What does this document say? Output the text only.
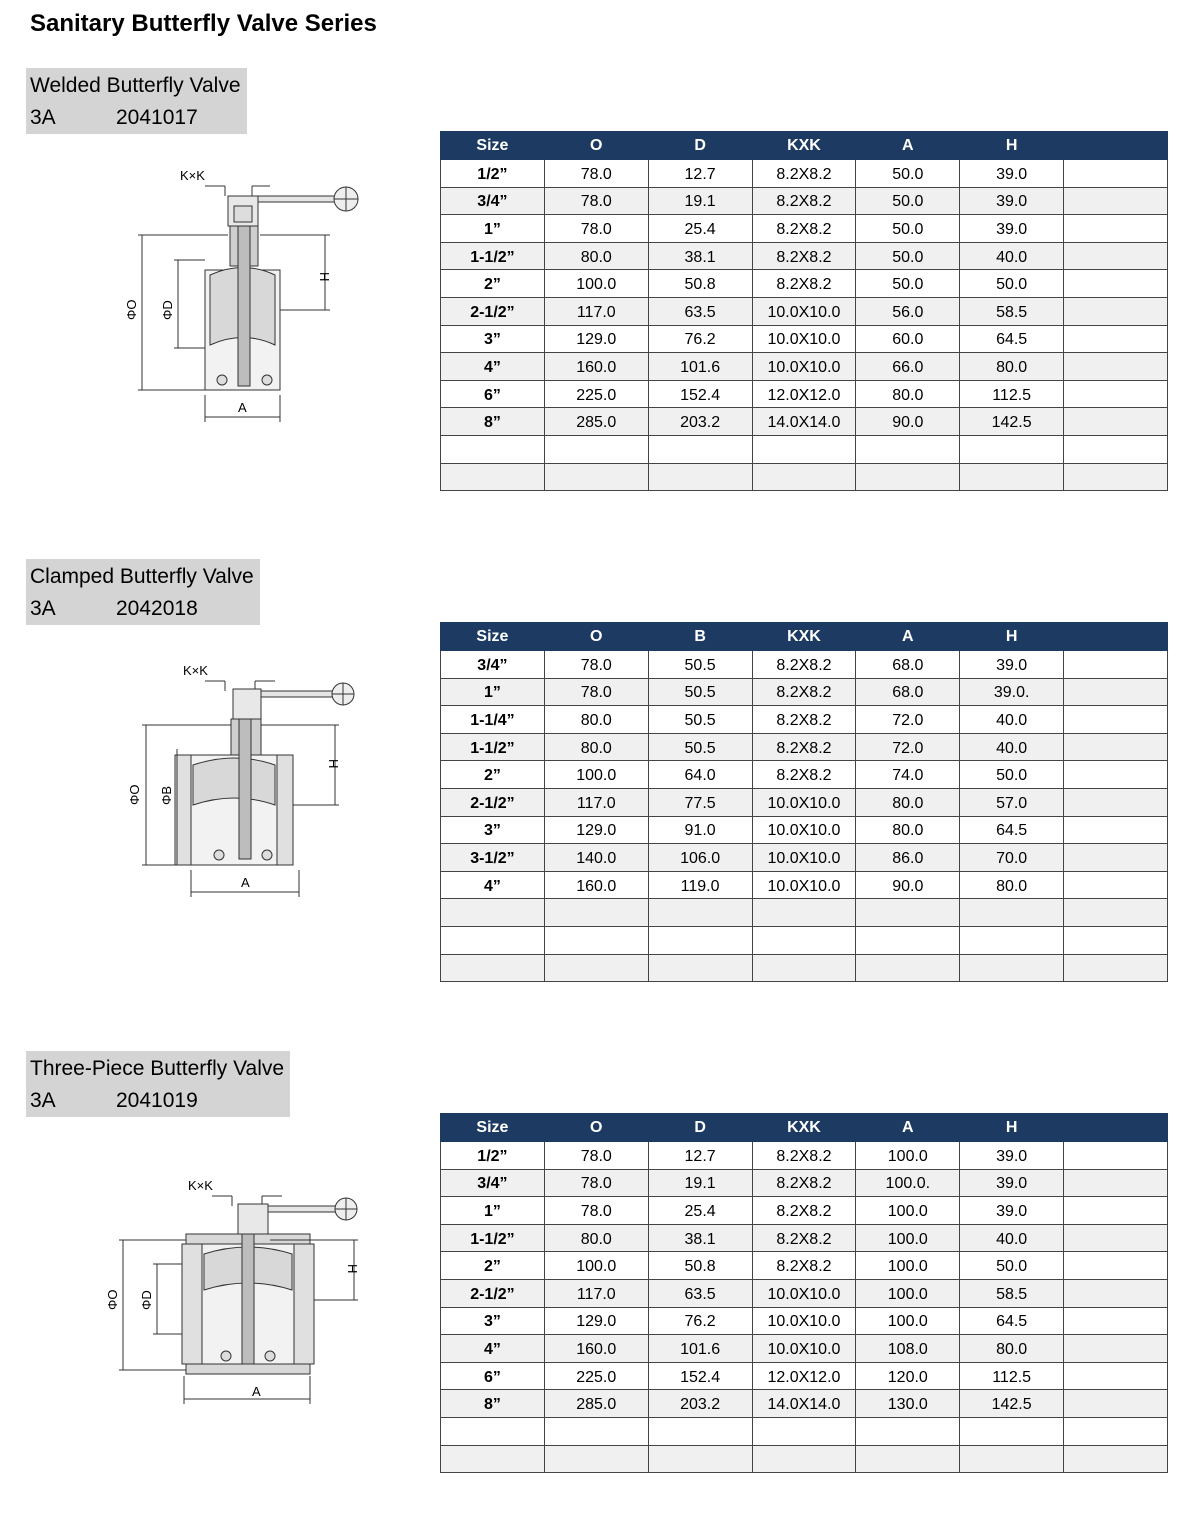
Sanitary Butterfly Valve Series
Welded Butterfly Valve
3A	2041017
K×K
ΦO ΦD
H
A
Size	O	D	KXK	A	H	
1/2”	78.0	12.7	8.2X8.2	50.0	39.0	
3/4”	78.0	19.1	8.2X8.2	50.0	39.0	
1”	78.0	25.4	8.2X8.2	50.0	39.0	
1-1/2”	80.0	38.1	8.2X8.2	50.0	40.0	
2”	100.0	50.8	8.2X8.2	50.0	50.0	
2-1/2”	117.0	63.5	10.0X10.0	56.0	58.5	
3”	129.0	76.2	10.0X10.0	60.0	64.5	
4”	160.0	101.6	10.0X10.0	66.0	80.0	
6”	225.0	152.4	12.0X12.0	80.0	112.5	
8”	285.0	203.2	14.0X14.0	90.0	142.5	

Clamped Butterfly Valve
3A	2042018
K×K
ΦO ΦB
H
A
Size	O	B	KXK	A	H	
3/4”	78.0	50.5	8.2X8.2	68.0	39.0	
1”	78.0	50.5	8.2X8.2	68.0	39.0.	
1-1/4”	80.0	50.5	8.2X8.2	72.0	40.0	
1-1/2”	80.0	50.5	8.2X8.2	72.0	40.0	
2”	100.0	64.0	8.2X8.2	74.0	50.0	
2-1/2”	117.0	77.5	10.0X10.0	80.0	57.0	
3”	129.0	91.0	10.0X10.0	80.0	64.5	
3-1/2”	140.0	106.0	10.0X10.0	86.0	70.0	
4”	160.0	119.0	10.0X10.0	90.0	80.0	

Three-Piece Butterfly Valve
3A	2041019
K×K
ΦO ΦD
H
A
Size	O	D	KXK	A	H	
1/2”	78.0	12.7	8.2X8.2	100.0	39.0	
3/4”	78.0	19.1	8.2X8.2	100.0.	39.0	
1”	78.0	25.4	8.2X8.2	100.0	39.0	
1-1/2”	80.0	38.1	8.2X8.2	100.0	40.0	
2”	100.0	50.8	8.2X8.2	100.0	50.0	
2-1/2”	117.0	63.5	10.0X10.0	100.0	58.5	
3”	129.0	76.2	10.0X10.0	100.0	64.5	
4”	160.0	101.6	10.0X10.0	108.0	80.0	
6”	225.0	152.4	12.0X12.0	120.0	112.5	
8”	285.0	203.2	14.0X14.0	130.0	142.5	
